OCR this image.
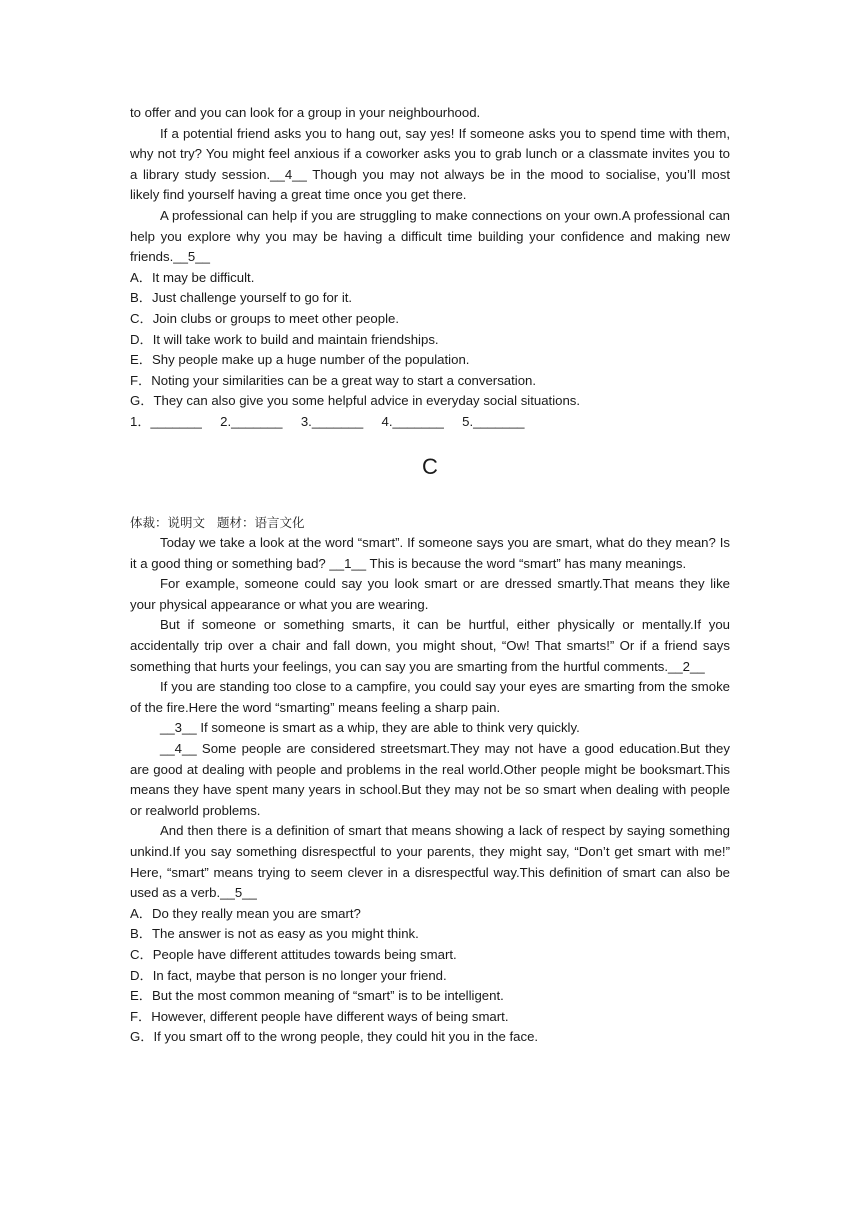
to offer and you can look for a group in your neighbourhood.

If a potential friend asks you to hang out, say yes! If someone asks you to spend time with them, why not try? You might feel anxious if a coworker asks you to grab lunch or a classmate invites you to a library study session.__4__ Though you may not always be in the mood to socialise, you’ll most likely find yourself having a great time once you get there.

A professional can help if you are struggling to make connections on your own.A professional can help you explore why you may be having a difficult time building your confidence and making new friends.__5__

A．It may be difficult.

B．Just challenge yourself to go for it.

C．Join clubs or groups to meet other people.

D．It will take work to build and maintain friendships.

E．Shy people make up a huge number of the population.

F．Noting your similarities can be a great way to start a conversation.

G．They can also give you some helpful advice in everyday social situations.

1．_______     2._______     3._______     4._______     5._______

C

体裁：说明文 题材：语言文化

Today we take a look at the word “smart”. If someone says you are smart, what do they mean? Is it a good thing or something bad? __1__ This is because the word “smart” has many meanings.

For example, someone could say you look smart or are dressed smartly.That means they like your physical appearance or what you are wearing.

But if someone or something smarts, it can be hurtful, either physically or mentally.If you accidentally trip over a chair and fall down, you might shout, “Ow! That smarts!” Or if a friend says something that hurts your feelings, you can say you are smarting from the hurtful comments.__2__

If you are standing too close to a campfire, you could say your eyes are smarting from the smoke of the fire.Here the word “smarting” means feeling a sharp pain.

__3__ If someone is smart as a whip, they are able to think very quickly.

__4__ Some people are considered streetsmart.They may not have a good education.But they are good at dealing with people and problems in the real world.Other people might be booksmart.This means they have spent many years in school.But they may not be so smart when dealing with people or realworld problems.

And then there is a definition of smart that means showing a lack of respect by saying something unkind.If you say something disrespectful to your parents, they might say, “Don’t get smart with me!” Here, “smart” means trying to seem clever in a disrespectful way.This definition of smart can also be used as a verb.__5__

A．Do they really mean you are smart?

B．The answer is not as easy as you might think.

C．People have different attitudes towards being smart.

D．In fact, maybe that person is no longer your friend.

E．But the most common meaning of “smart” is to be intelligent.

F．However, different people have different ways of being smart.

G．If you smart off to the wrong people, they could hit you in the face.
